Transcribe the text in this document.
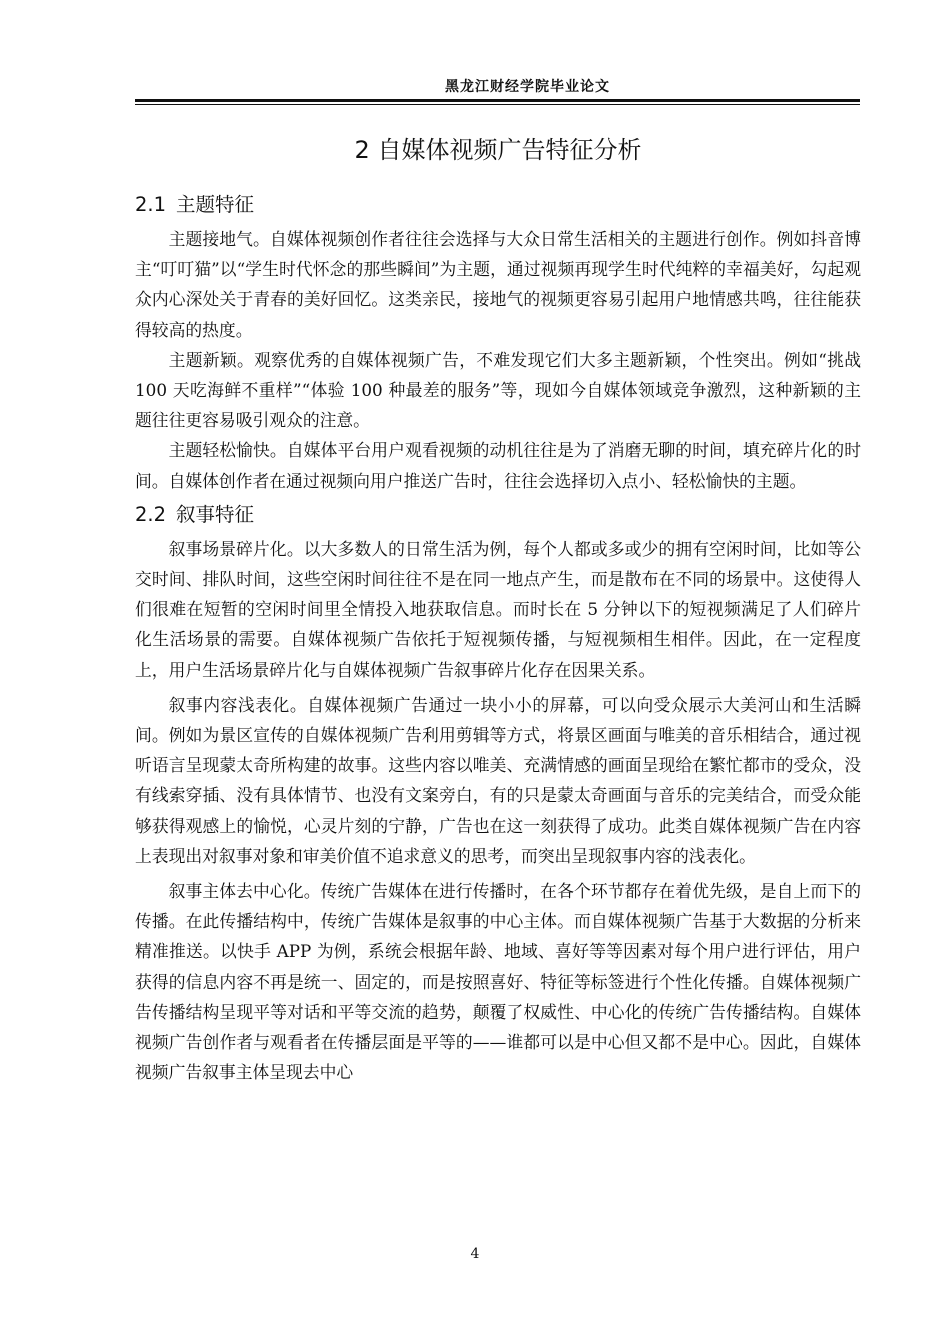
黑龙江财经学院毕业论文
2 自媒体视频广告特征分析
2.1 主题特征

主题接地气。自媒体视频创作者往往会选择与大众日常生活相关的主题进行创作。例如抖音博主“叮叮猫”以“学生时代怀念的那些瞬间”为主题，通过视频再现学生时代纯粹的幸福美好，勾起观众内心深处关于青春的美好回忆。这类亲民，接地气的视频更容易引起用户地情感共鸣，往往能获得较高的热度。

主题新颖。观察优秀的自媒体视频广告，不难发现它们大多主题新颖，个性突出。例如“挑战 100 天吃海鲜不重样”“体验 100 种最差的服务”等，现如今自媒体领域竞争激烈，这种新颖的主题往往更容易吸引观众的注意。

主题轻松愉快。自媒体平台用户观看视频的动机往往是为了消磨无聊的时间，填充碎片化的时间。自媒体创作者在通过视频向用户推送广告时，往往会选择切入点小、轻松愉快的主题。

2.2 叙事特征

叙事场景碎片化。以大多数人的日常生活为例，每个人都或多或少的拥有空闲时间，比如等公交时间、排队时间，这些空闲时间往往不是在同一地点产生，而是散布在不同的场景中。这使得人们很难在短暂的空闲时间里全情投入地获取信息。而时长在 5 分钟以下的短视频满足了人们碎片化生活场景的需要。自媒体视频广告依托于短视频传播，与短视频相生相伴。因此，在一定程度上，用户生活场景碎片化与自媒体视频广告叙事碎片化存在因果关系。

叙事内容浅表化。自媒体视频广告通过一块小小的屏幕，可以向受众展示大美河山和生活瞬间。例如为景区宣传的自媒体视频广告利用剪辑等方式，将景区画面与唯美的音乐相结合，通过视听语言呈现蒙太奇所构建的故事。这些内容以唯美、充满情感的画面呈现给在繁忙都市的受众，没有线索穿插、没有具体情节、也没有文案旁白，有的只是蒙太奇画面与音乐的完美结合，而受众能够获得观感上的愉悦，心灵片刻的宁静，广告也在这一刻获得了成功。此类自媒体视频广告在内容上表现出对叙事对象和审美价值不追求意义的思考，而突出呈现叙事内容的浅表化。

叙事主体去中心化。传统广告媒体在进行传播时，在各个环节都存在着优先级，是自上而下的传播。在此传播结构中，传统广告媒体是叙事的中心主体。而自媒体视频广告基于大数据的分析来精准推送。以快手 APP 为例，系统会根据年龄、地域、喜好等等因素对每个用户进行评估，用户获得的信息内容不再是统一、固定的，而是按照喜好、特征等标签进行个性化传播。自媒体视频广告传播结构呈现平等对话和平等交流的趋势，颠覆了权威性、中心化的传统广告传播结构。自媒体视频广告创作者与观看者在传播层面是平等的——谁都可以是中心但又都不是中心。因此，自媒体视频广告叙事主体呈现去中心

4
